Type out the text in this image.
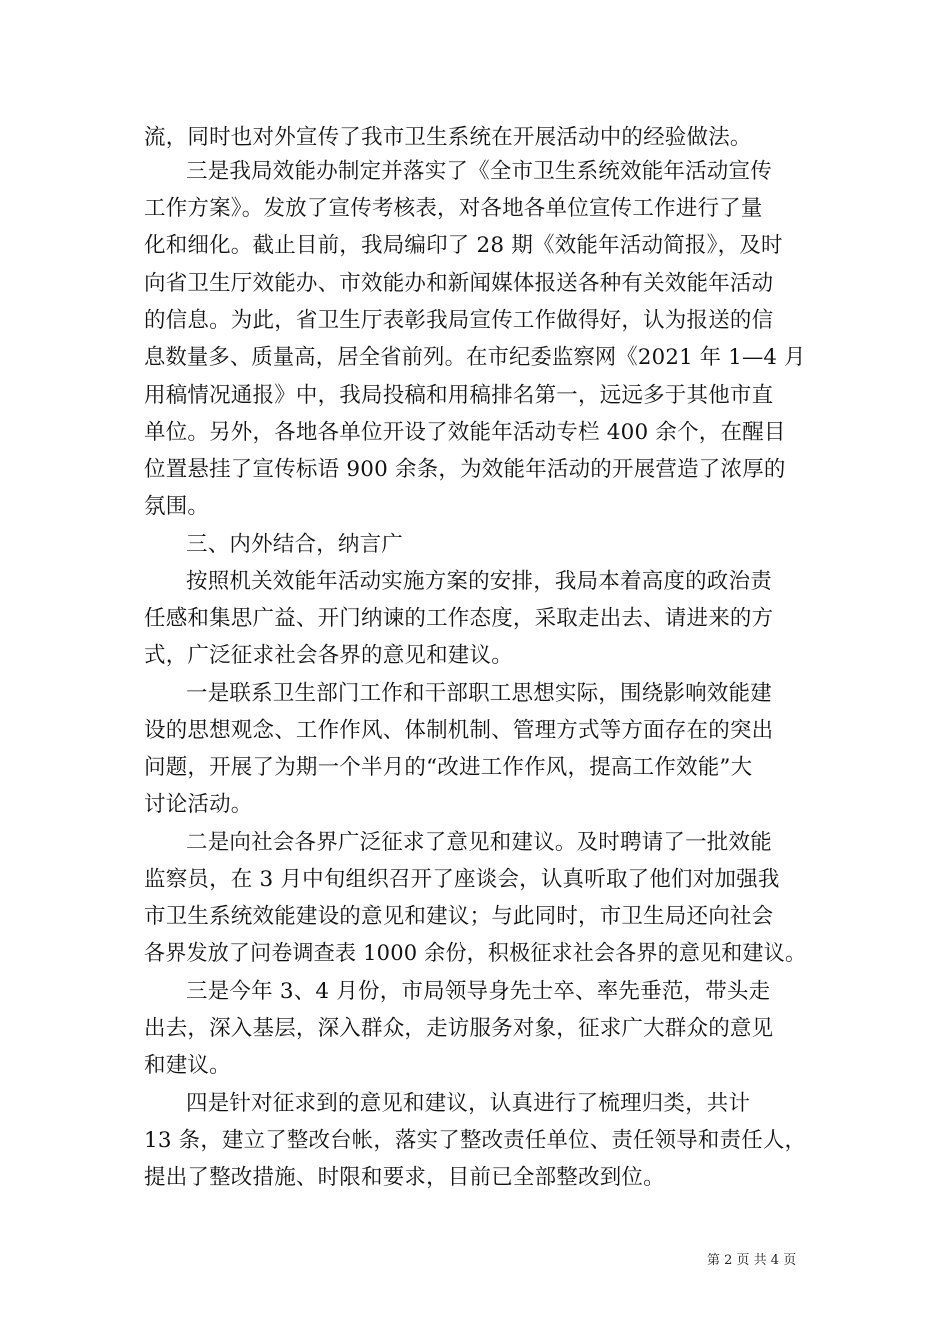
流，同时也对外宣传了我市卫生系统在开展活动中的经验做法。
三是我局效能办制定并落实了《全市卫生系统效能年活动宣传
工作方案》。发放了宣传考核表，对各地各单位宣传工作进行了量
化和细化。截止目前，我局编印了 28 期《效能年活动简报》，及时
向省卫生厅效能办、市效能办和新闻媒体报送各种有关效能年活动
的信息。为此，省卫生厅表彰我局宣传工作做得好，认为报送的信
息数量多、质量高，居全省前列。在市纪委监察网《2021 年 1—4 月
用稿情况通报》中，我局投稿和用稿排名第一，远远多于其他市直
单位。另外，各地各单位开设了效能年活动专栏 400 余个，在醒目
位置悬挂了宣传标语 900 余条，为效能年活动的开展营造了浓厚的
氛围。
三、内外结合，纳言广
按照机关效能年活动实施方案的安排，我局本着高度的政治责
任感和集思广益、开门纳谏的工作态度，采取走出去、请进来的方
式，广泛征求社会各界的意见和建议。
一是联系卫生部门工作和干部职工思想实际，围绕影响效能建
设的思想观念、工作作风、体制机制、管理方式等方面存在的突出
问题，开展了为期一个半月的“改进工作作风，提高工作效能”大
讨论活动。
二是向社会各界广泛征求了意见和建议。及时聘请了一批效能
监察员，在 3 月中旬组织召开了座谈会，认真听取了他们对加强我
市卫生系统效能建设的意见和建议；与此同时，市卫生局还向社会
各界发放了问卷调查表 1000 余份，积极征求社会各界的意见和建议。
三是今年 3、4 月份，市局领导身先士卒、率先垂范，带头走
出去，深入基层，深入群众，走访服务对象，征求广大群众的意见
和建议。
四是针对征求到的意见和建议，认真进行了梳理归类，共计
13 条，建立了整改台帐，落实了整改责任单位、责任领导和责任人，
提出了整改措施、时限和要求，目前已全部整改到位。
第 2 页 共 4 页
